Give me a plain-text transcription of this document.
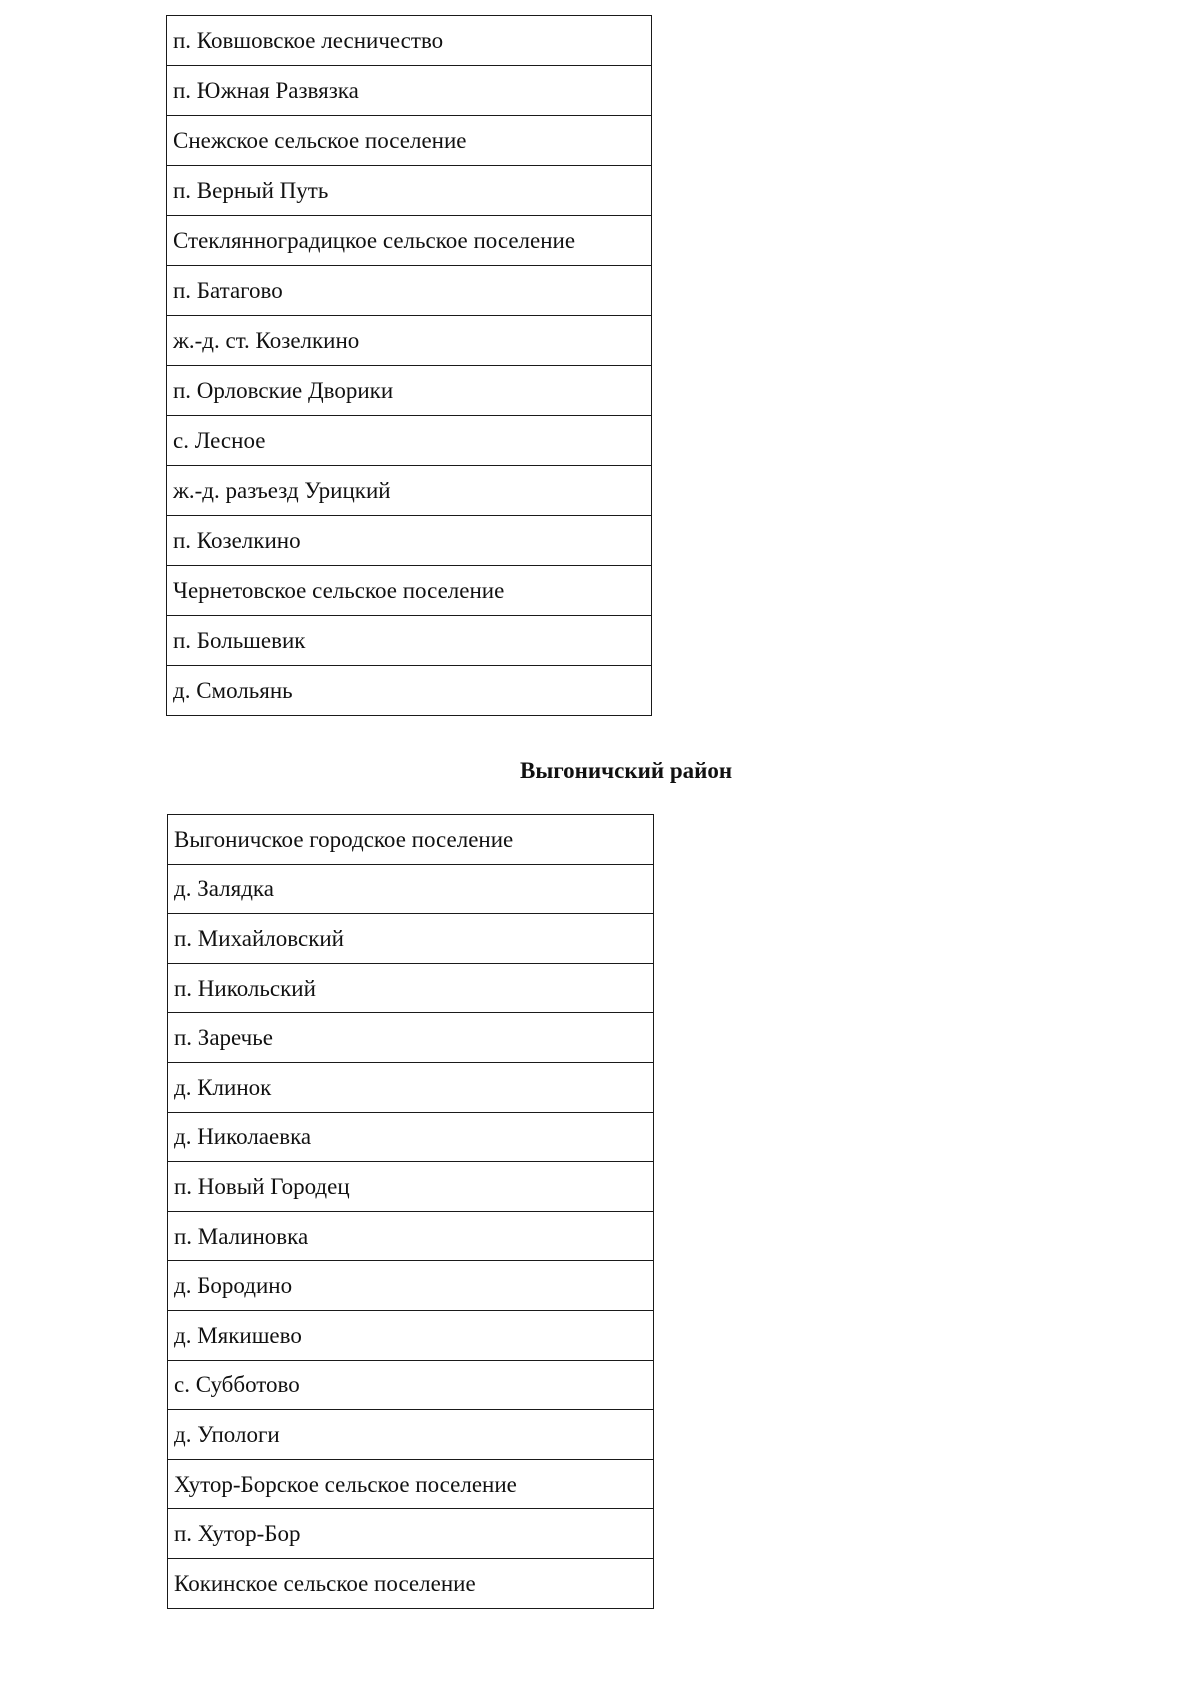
п. Ковшовское лесничество
п. Южная Развязка
Снежское сельское поселение
п. Верный Путь
Стеклянноградицкое сельское поселение
п. Батагово
ж.-д. ст. Козелкино
п. Орловские Дворики
с. Лесное
ж.-д. разъезд Урицкий
п. Козелкино
Чернетовское сельское поселение
п. Большевик
д. Смольянь
Выгоничский район
Выгоничское городское поселение
д. Залядка
п. Михайловский
п. Никольский
п. Заречье
д. Клинок
д. Николаевка
п. Новый Городец
п. Малиновка
д. Бородино
д. Мякишево
с. Субботово
д. Упологи
Хутор-Борское сельское поселение
п. Хутор-Бор
Кокинское сельское поселение
